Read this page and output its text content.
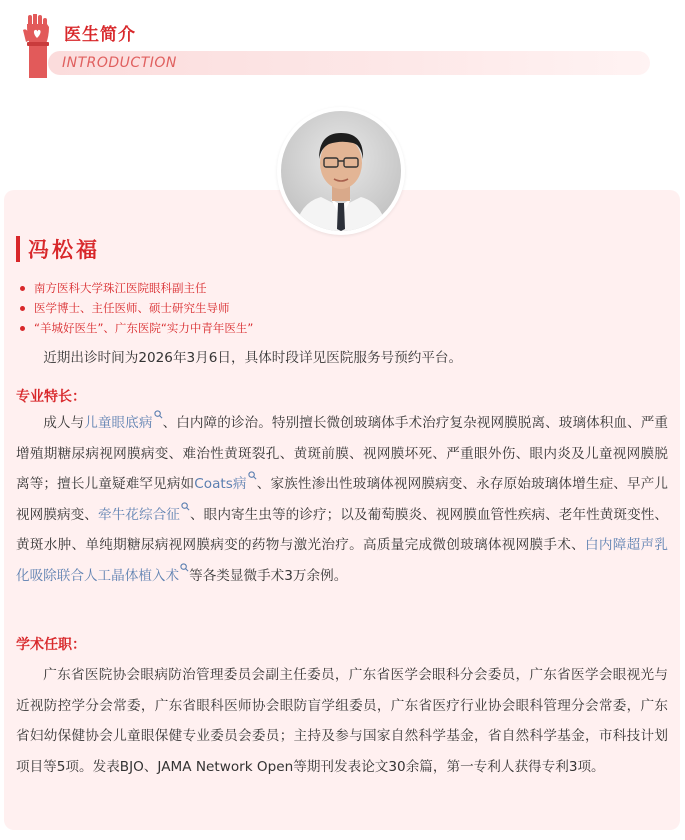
医生简介
INTRODUCTION
冯松福
南方医科大学珠江医院眼科副主任
医学博士、主任医师、硕士研究生导师
“羊城好医生”、广东医院“实力中青年医生”

近期出诊时间为2026年3月6日，具体时段详见医院服务号预约平台。

专业特长：

成人与儿童眼底病 、白内障的诊治。特别擅长微创玻璃体手术治疗复杂视网膜脱离、玻璃体积血、严重增殖期糖尿病视网膜病变、难治性黄斑裂孔、黄斑前膜、视网膜坏死、严重眼外伤、眼内炎及儿童视网膜脱离等；擅长儿童疑难罕见病如Coats病 、家族性渗出性玻璃体视网膜病变、永存原始玻璃体增生症、早产儿视网膜病变、牵牛花综合征 、眼内寄生虫等的诊疗；以及葡萄膜炎、视网膜血管性疾病、老年性黄斑变性、黄斑水肿、单纯期糖尿病视网膜病变的药物与激光治疗。高质量完成微创玻璃体视网膜手术、白内障超声乳化吸除联合人工晶体植入术 等各类显微手术3万余例。

学术任职：

广东省医院协会眼病防治管理委员会副主任委员，广东省医学会眼科分会委员，广东省医学会眼视光与近视防控学分会常委，广东省眼科医师协会眼防盲学组委员，广东省医疗行业协会眼科管理分会常委，广东省妇幼保健协会儿童眼保健专业委员会委员；主持及参与国家自然科学基金，省自然科学基金，市科技计划项目等5项。发表BJO、JAMA Network Open等期刊发表论文30余篇，第一专利人获得专利3项。
